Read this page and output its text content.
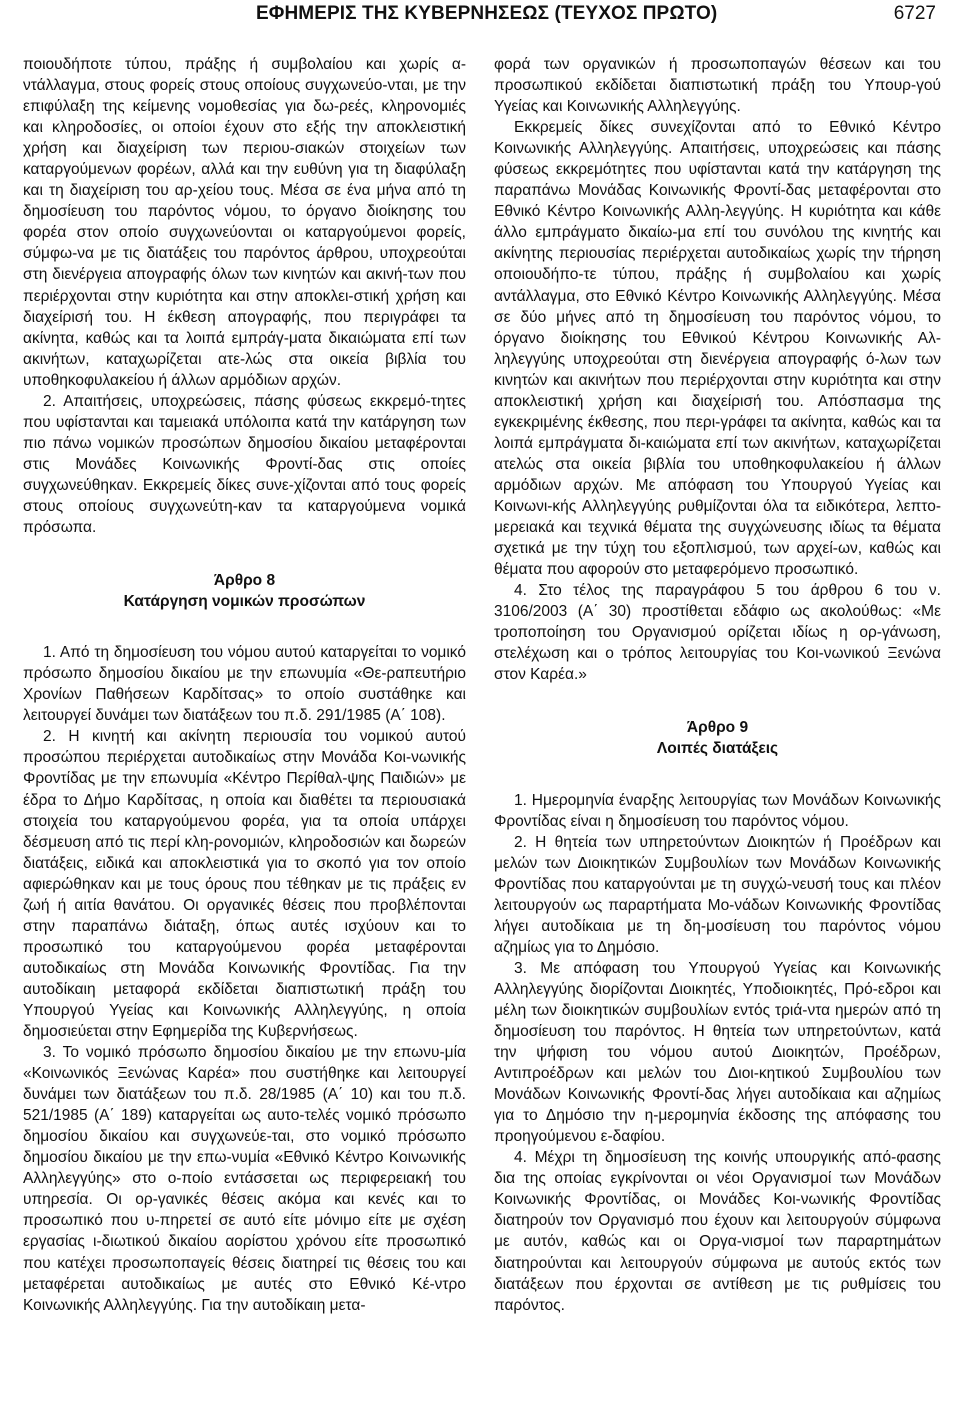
ΕΦΗΜΕΡΙΣ ΤΗΣ ΚΥΒΕΡΝΗΣΕΩΣ (ΤΕΥΧΟΣ ΠΡΩΤΟ)	6727

ποιουδήποτε τύπου, πράξης ή συμβολαίου και χωρίς α-ντάλλαγμα, στους φορείς στους οποίους συγχωνεύο-νται, με την επιφύλαξη της κείμενης νομοθεσίας για δω-ρεές, κληρονομιές και κληροδοσίες, οι οποίοι έχουν στο εξής την αποκλειστική χρήση και διαχείριση των περιου-σιακών στοιχείων των καταργούμενων φορέων, αλλά και την ευθύνη για τη διαφύλαξη και τη διαχείριση του αρ-χείου τους. Μέσα σε ένα μήνα από τη δημοσίευση του παρόντος νόμου, το όργανο διοίκησης του φορέα στον οποίο συγχωνεύονται οι καταργούμενοι φορείς, σύμφω-να με τις διατάξεις του παρόντος άρθρου, υποχρεούται στη διενέργεια απογραφής όλων των κινητών και ακινή-των που περιέρχονται στην κυριότητα και στην αποκλει-στική χρήση και διαχείρισή του. Η έκθεση απογραφής, που περιγράφει τα ακίνητα, καθώς και τα λοιπά εμπράγ-ματα δικαιώματα επί των ακινήτων, καταχωρίζεται ατε-λώς στα οικεία βιβλία του υποθηκοφυλακείου ή άλλων αρμόδιων αρχών.

2. Απαιτήσεις, υποχρεώσεις, πάσης φύσεως εκκρεμό-τητες που υφίστανται και ταμειακά υπόλοιπα κατά την κατάργηση των πιο πάνω νομικών προσώπων δημοσίου δικαίου μεταφέρονται στις Μονάδες Κοινωνικής Φροντί-δας στις οποίες συγχωνεύθηκαν. Εκκρεμείς δίκες συνε-χίζονται από τους φορείς στους οποίους συγχωνεύτη-καν τα καταργούμενα νομικά πρόσωπα.

Άρθρο 8
Κατάργηση νομικών προσώπων

1. Από τη δημοσίευση του νόμου αυτού καταργείται το νομικό πρόσωπο δημοσίου δικαίου με την επωνυμία «Θε-ραπευτήριο Χρονίων Παθήσεων Καρδίτσας» το οποίο συστάθηκε και λειτουργεί δυνάμει των διατάξεων του π.δ. 291/1985 (Α΄ 108).

2. Η κινητή και ακίνητη περιουσία του νομικού αυτού προσώπου περιέρχεται αυτοδικαίως στην Μονάδα Κοι-νωνικής Φροντίδας με την επωνυμία «Κέντρο Περίθαλ-ψης Παιδιών» με έδρα το Δήμο Καρδίτσας, η οποία και διαθέτει τα περιουσιακά στοιχεία του καταργούμενου φορέα, για τα οποία υπάρχει δέσμευση από τις περί κλη-ρονομιών, κληροδοσιών και δωρεών διατάξεις, ειδικά και αποκλειστικά για το σκοπό για τον οποίο αφιερώθηκαν και με τους όρους που τέθηκαν με τις πράξεις εν ζωή ή αιτία θανάτου. Οι οργανικές θέσεις που προβλέπονται στην παραπάνω διάταξη, όπως αυτές ισχύουν και το προσωπικό του καταργούμενου φορέα μεταφέρονται αυτοδικαίως στη Μονάδα Κοινωνικής Φροντίδας. Για την αυτοδίκαιη μεταφορά εκδίδεται διαπιστωτική πράξη του Υπουργού Υγείας και Κοινωνικής Αλληλεγγύης, η οποία δημοσιεύεται στην Εφημερίδα της Κυβερνήσεως.

3. Το νομικό πρόσωπο δημοσίου δικαίου με την επωνυ-μία «Κοινωνικός Ξενώνας Καρέα» που συστήθηκε και λειτουργεί δυνάμει των διατάξεων του π.δ. 28/1985 (Α΄ 10) και του π.δ. 521/1985 (Α΄ 189) καταργείται ως αυτο-τελές νομικό πρόσωπο δημοσίου δικαίου και συγχωνεύε-ται, στο νομικό πρόσωπο δημοσίου δικαίου με την επω-νυμία «Εθνικό Κέντρο Κοινωνικής Αλληλεγγύης» στο ο-ποίο εντάσσεται ως περιφερειακή του υπηρεσία. Οι ορ-γανικές θέσεις ακόμα και κενές και το προσωπικό που υ-πηρετεί σε αυτό είτε μόνιμο είτε με σχέση εργασίας ι-διωτικού δικαίου αορίστου χρόνου είτε προσωπικό που κατέχει προσωποπαγείς θέσεις διατηρεί τις θέσεις του και μεταφέρεται αυτοδικαίως με αυτές στο Εθνικό Κέ-ντρο Κοινωνικής Αλληλεγγύης. Για την αυτοδίκαιη μετα-

φορά των οργανικών ή προσωποπαγών θέσεων και του προσωπικού εκδίδεται διαπιστωτική πράξη του Υπουρ-γού Υγείας και Κοινωνικής Αλληλεγγύης.

Εκκρεμείς δίκες συνεχίζονται από το Εθνικό Κέντρο Κοινωνικής Αλληλεγγύης. Απαιτήσεις, υποχρεώσεις και πάσης φύσεως εκκρεμότητες που υφίστανται κατά την κατάργηση της παραπάνω Μονάδας Κοινωνικής Φροντί-δας μεταφέρονται στο Εθνικό Κέντρο Κοινωνικής Αλλη-λεγγύης. Η κυριότητα και κάθε άλλο εμπράγματο δικαίω-μα επί του συνόλου της κινητής και ακίνητης περιουσίας περιέρχεται αυτοδικαίως χωρίς την τήρηση οποιουδήπο-τε τύπου, πράξης ή συμβολαίου και χωρίς αντάλλαγμα, στο Εθνικό Κέντρο Κοινωνικής Αλληλεγγύης. Μέσα σε δύο μήνες από τη δημοσίευση του παρόντος νόμου, το όργανο διοίκησης του Εθνικού Κέντρου Κοινωνικής Αλ-ληλεγγύης υποχρεούται στη διενέργεια απογραφής ό-λων των κινητών και ακινήτων που περιέρχονται στην κυριότητα και στην αποκλειστική χρήση και διαχείρισή του. Απόσπασμα της εγκεκριμένης έκθεσης, που περι-γράφει τα ακίνητα, καθώς και τα λοιπά εμπράγματα δι-καιώματα επί των ακινήτων, καταχωρίζεται ατελώς στα οικεία βιβλία του υποθηκοφυλακείου ή άλλων αρμόδιων αρχών. Με απόφαση του Υπουργού Υγείας και Κοινωνι-κής Αλληλεγγύης ρυθμίζονται όλα τα ειδικότερα, λεπτο-μερειακά και τεχνικά θέματα της συγχώνευσης ιδίως τα θέματα σχετικά με την τύχη του εξοπλισμού, των αρχεί-ων, καθώς και θέματα που αφορούν στο μεταφερόμενο προσωπικό.

4. Στο τέλος της παραγράφου 5 του άρθρου 6 του ν. 3106/2003 (Α΄ 30) προστίθεται εδάφιο ως ακολούθως: «Με τροποποίηση του Οργανισμού ορίζεται ιδίως η ορ-γάνωση, στελέχωση και ο τρόπος λειτουργίας του Κοι-νωνικού Ξενώνα στον Καρέα.»

Άρθρο 9
Λοιπές διατάξεις

1. Ημερομηνία έναρξης λειτουργίας των Μονάδων Κοινωνικής Φροντίδας είναι η δημοσίευση του παρόντος νόμου.

2. Η θητεία των υπηρετούντων Διοικητών ή Προέδρων και μελών των Διοικητικών Συμβουλίων των Μονάδων Κοινωνικής Φροντίδας που καταργούνται με τη συγχώ-νευσή τους και πλέον λειτουργούν ως παραρτήματα Μο-νάδων Κοινωνικής Φροντίδας λήγει αυτοδίκαια με τη δη-μοσίευση του παρόντος νόμου αζημίως για το Δημόσιο.

3. Με απόφαση του Υπουργού Υγείας και Κοινωνικής Αλληλεγγύης διορίζονται Διοικητές, Υποδιοικητές, Πρό-εδροι και μέλη των διοικητικών συμβουλίων εντός τριά-ντα ημερών από τη δημοσίευση του παρόντος. Η θητεία των υπηρετούντων, κατά την ψήφιση του νόμου αυτού Διοικητών, Προέδρων, Αντιπροέδρων και μελών του Διοι-κητικού Συμβουλίου των Μονάδων Κοινωνικής Φροντί-δας λήγει αυτοδίκαια και αζημίως για το Δημόσιο την η-μερομηνία έκδοσης της απόφασης του προηγούμενου ε-δαφίου.

4. Μέχρι τη δημοσίευση της κοινής υπουργικής από-φασης δια της οποίας εγκρίνονται οι νέοι Οργανισμοί των Μονάδων Κοινωνικής Φροντίδας, οι Μονάδες Κοι-νωνικής Φροντίδας διατηρούν τον Οργανισμό που έχουν και λειτουργούν σύμφωνα με αυτόν, καθώς και οι Οργα-νισμοί των παραρτημάτων διατηρούνται και λειτουργούν σύμφωνα με αυτούς εκτός των διατάξεων που έρχονται σε αντίθεση με τις ρυθμίσεις του παρόντος.
